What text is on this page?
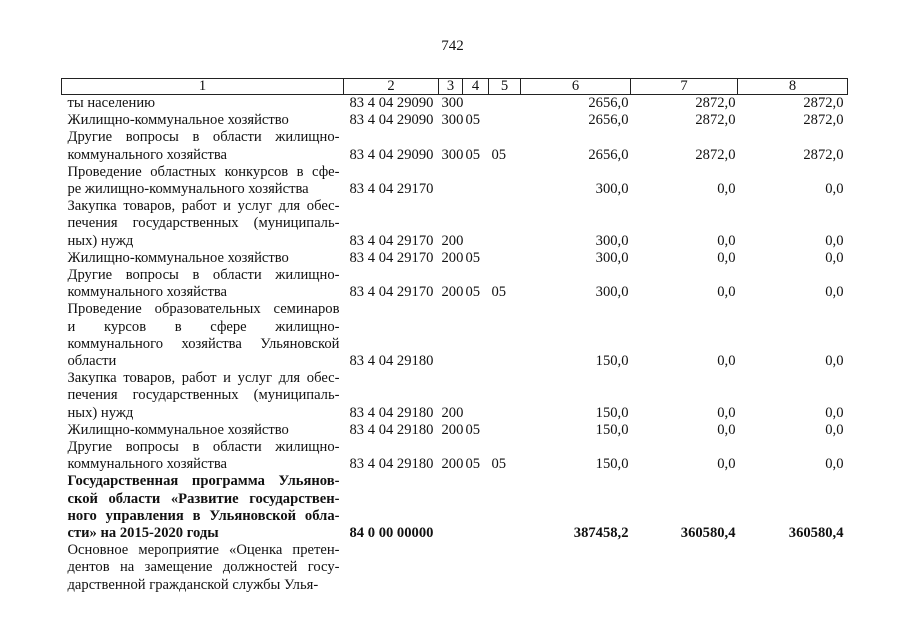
742
1	2	3	4	5	6	7	8

ты населению	83 4 04 29090	300			2656,0	2872,0	2872,0

Жилищно-коммунальное хозяйство	83 4 04 29090	300	05		2656,0	2872,0	2872,0

Другие вопросы в области жилищно-
коммунального хозяйства	83 4 04 29090	300	05	05	2656,0	2872,0	2872,0

Проведение областных конкурсов в сфе-
ре жилищно-коммунального хозяйства	83 4 04 29170				300,0	0,0	0,0

Закупка товаров, работ и услуг для обес-
печения государственных (муниципаль-
ных) нужд	83 4 04 29170	200			300,0	0,0	0,0

Жилищно-коммунальное хозяйство	83 4 04 29170	200	05		300,0	0,0	0,0

Другие вопросы в области жилищно-
коммунального хозяйства	83 4 04 29170	200	05	05	300,0	0,0	0,0

Проведение образовательных семинаров
и курсов в сфере жилищно-
коммунального хозяйства Ульяновской
области	83 4 04 29180				150,0	0,0	0,0

Закупка товаров, работ и услуг для обес-
печения государственных (муниципаль-
ных) нужд	83 4 04 29180	200			150,0	0,0	0,0

Жилищно-коммунальное хозяйство	83 4 04 29180	200	05		150,0	0,0	0,0

Другие вопросы в области жилищно-
коммунального хозяйства	83 4 04 29180	200	05	05	150,0	0,0	0,0

Государственная программа Ульянов-
ской области «Развитие государствен-
ного управления в Ульяновской обла-
сти» на 2015-2020 годы	84 0 00 00000				387458,2	360580,4	360580,4

Основное мероприятие «Оценка претен-
дентов на замещение должностей госу-
дарственной гражданской службы Улья-							
